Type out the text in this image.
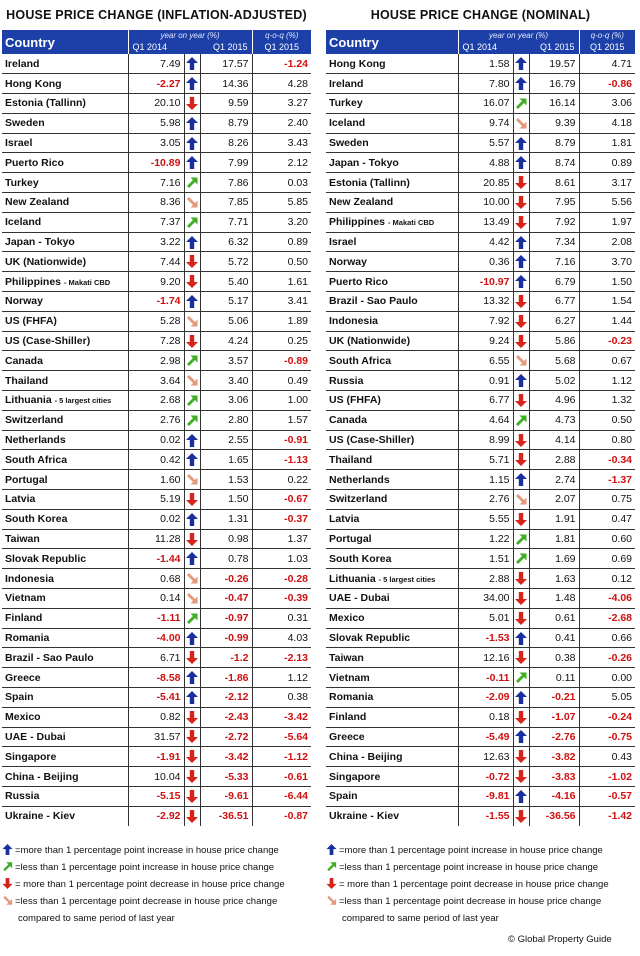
HOUSE PRICE CHANGE (INFLATION-ADJUSTED)
Country	year on year (%)
Q1 2014 Q1 2015			q-o-q (%)
Q1 2015

Ireland	7.49		17.57	-1.24
Hong Kong	-2.27		14.36	4.28
Estonia (Tallinn)	20.10		9.59	3.27
Sweden	5.98		8.79	2.40
Israel	3.05		8.26	3.43
Puerto Rico	-10.89		7.99	2.12
Turkey	7.16		7.86	0.03
New Zealand	8.36		7.85	5.85
Iceland	7.37		7.71	3.20
Japan - Tokyo	3.22		6.32	0.89
UK (Nationwide)	7.44		5.72	0.50
Philippines - Makati CBD	9.20		5.40	1.61
Norway	-1.74		5.17	3.41
US (FHFA)	5.28		5.06	1.89
US (Case-Shiller)	7.28		4.24	0.25
Canada	2.98		3.57	-0.89
Thailand	3.64		3.40	0.49
Lithuania - 5 largest cities	2.68		3.06	1.00
Switzerland	2.76		2.80	1.57
Netherlands	0.02		2.55	-0.91
South Africa	0.42		1.65	-1.13
Portugal	1.60		1.53	0.22
Latvia	5.19		1.50	-0.67
South Korea	0.02		1.31	-0.37
Taiwan	11.28		0.98	1.37
Slovak Republic	-1.44		0.78	1.03
Indonesia	0.68		-0.26	-0.28
Vietnam	0.14		-0.47	-0.39
Finland	-1.11		-0.97	0.31
Romania	-4.00		-0.99	4.03
Brazil - Sao Paulo	6.71		-1.2	-2.13
Greece	-8.58		-1.86	1.12
Spain	-5.41		-2.12	0.38
Mexico	0.82		-2.43	-3.42
UAE - Dubai	31.57		-2.72	-5.64
Singapore	-1.91		-3.42	-1.12
China - Beijing	10.04		-5.33	-0.61
Russia	-5.15		-9.61	-6.44
Ukraine - Kiev	-2.92		-36.51	-0.87
HOUSE PRICE CHANGE (NOMINAL)
Country	year on year (%)
Q1 2014 Q1 2015			q-o-q (%)
Q1 2015

Hong Kong	1.58		19.57	4.71
Ireland	7.80		16.79	-0.86
Turkey	16.07		16.14	3.06
Iceland	9.74		9.39	4.18
Sweden	5.57		8.79	1.81
Japan - Tokyo	4.88		8.74	0.89
Estonia (Tallinn)	20.85		8.61	3.17
New Zealand	10.00		7.95	5.56
Philippines - Makati CBD	13.49		7.92	1.97
Israel	4.42		7.34	2.08
Norway	0.36		7.16	3.70
Puerto Rico	-10.97		6.79	1.50
Brazil - Sao Paulo	13.32		6.77	1.54
Indonesia	7.92		6.27	1.44
UK (Nationwide)	9.24		5.86	-0.23
South Africa	6.55		5.68	0.67
Russia	0.91		5.02	1.12
US (FHFA)	6.77		4.96	1.32
Canada	4.64		4.73	0.50
US (Case-Shiller)	8.99		4.14	0.80
Thailand	5.71		2.88	-0.34
Netherlands	1.15		2.74	-1.37
Switzerland	2.76		2.07	0.75
Latvia	5.55		1.91	0.47
Portugal	1.22		1.81	0.60
South Korea	1.51		1.69	0.69
Lithuania - 5 largest cities	2.88		1.63	0.12
UAE - Dubai	34.00		1.48	-4.06
Mexico	5.01		0.61	-2.68
Slovak Republic	-1.53		0.41	0.66
Taiwan	12.16		0.38	-0.26
Vietnam	-0.11		0.11	0.00
Romania	-2.09		-0.21	5.05
Finland	0.18		-1.07	-0.24
Greece	-5.49		-2.76	-0.75
China - Beijing	12.63		-3.82	0.43
Singapore	-0.72		-3.83	-1.02
Spain	-9.81		-4.16	-0.57
Ukraine - Kiev	-1.55		-36.56	-1.42
=more than 1 percentage point increase in house price change
=less than 1 percentage point increase in house price change
= more than 1 percentage point decrease in house price change
=less than 1 percentage point decrease in house price change
compared to same period of last year
=more than 1 percentage point increase in house price change
=less than 1 percentage point increase in house price change
= more than 1 percentage point decrease in house price change
=less than 1 percentage point decrease in house price change
compared to same period of last year
© Global Property Guide
